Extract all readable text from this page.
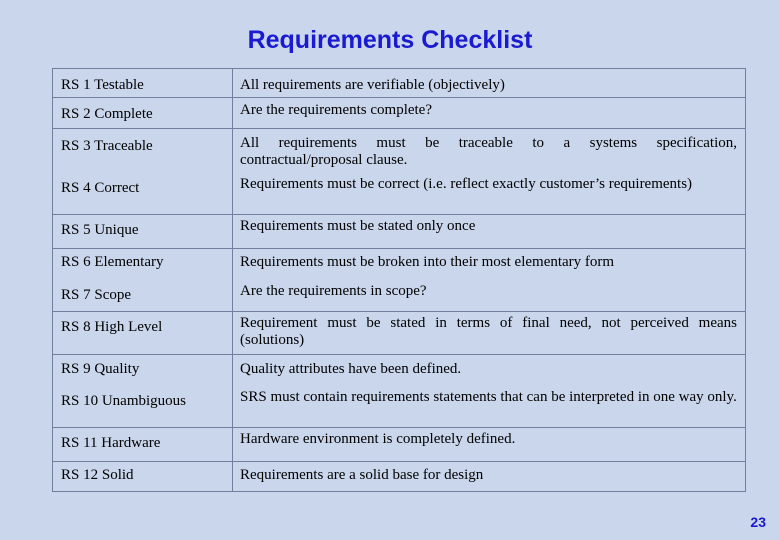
Requirements Checklist
RS 1 Testable
RS 2 Complete
RS 3 Traceable
RS 4 Correct
RS 5 Unique
RS 6 Elementary
RS 7 Scope
RS 8 High Level
RS 9 Quality
RS 10 Unambiguous
RS 11 Hardware
RS 12 Solid
All requirements are verifiable (objectively)
Are the requirements complete?
All requirements must be traceable to a systems specification, contractual/proposal clause.
Requirements must be correct (i.e. reflect exactly customer’s requirements)
Requirements must be stated only once
Requirements must be broken into their most elementary form
Are the requirements in scope?
Requirement must be stated in terms of final need, not perceived means (solutions)
Quality attributes have been defined.
SRS must contain requirements statements that can be interpreted in one way only.
Hardware environment is completely defined.
Requirements are a solid base for design
23
